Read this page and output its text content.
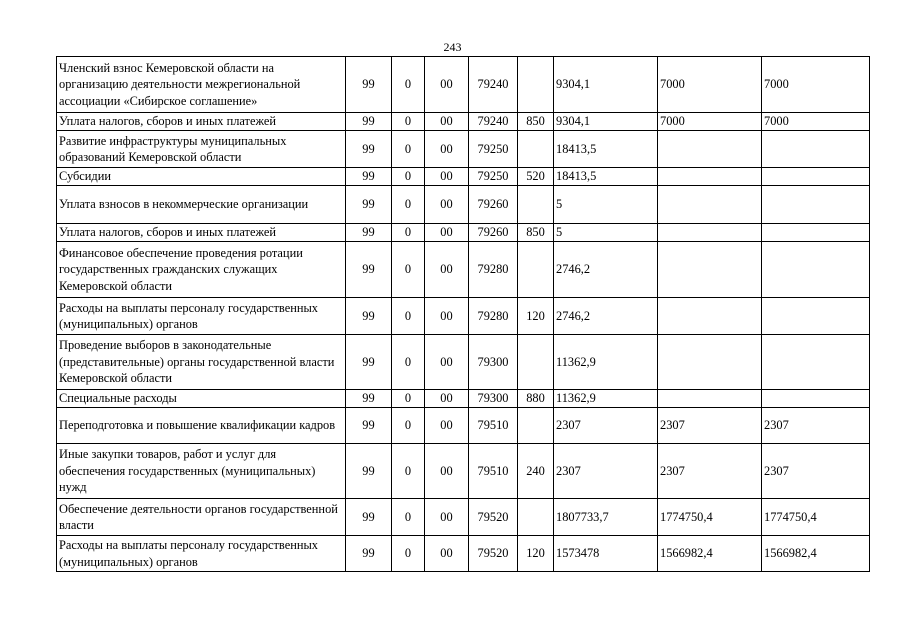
243
Членский взнос Кемеровской области на организацию деятельности межрегиональной ассоциации «Сибирское соглашение»	99	0	00	79240		9304,1	7000	7000
Уплата налогов, сборов и иных платежей	99	0	00	79240	850	9304,1	7000	7000
Развитие инфраструктуры муниципальных образований Кемеровской области	99	0	00	79250		18413,5		
Субсидии	99	0	00	79250	520	18413,5		
Уплата взносов в некоммерческие организации	99	0	00	79260		5		
Уплата налогов, сборов и иных платежей	99	0	00	79260	850	5		
Финансовое обеспечение проведения ротации государственных гражданских служащих Кемеровской области	99	0	00	79280		2746,2		
Расходы на выплаты персоналу государственных (муниципальных) органов	99	0	00	79280	120	2746,2		
Проведение выборов в законодательные (представительные) органы государственной власти Кемеровской области	99	0	00	79300		11362,9		
Специальные расходы	99	0	00	79300	880	11362,9		
Переподготовка и повышение квалификации кадров	99	0	00	79510		2307	2307	2307
Иные закупки товаров, работ и услуг для обеспечения государственных (муниципальных) нужд	99	0	00	79510	240	2307	2307	2307
Обеспечение деятельности органов государственной власти	99	0	00	79520		1807733,7	1774750,4	1774750,4
Расходы на выплаты персоналу государственных (муниципальных) органов	99	0	00	79520	120	1573478	1566982,4	1566982,4
